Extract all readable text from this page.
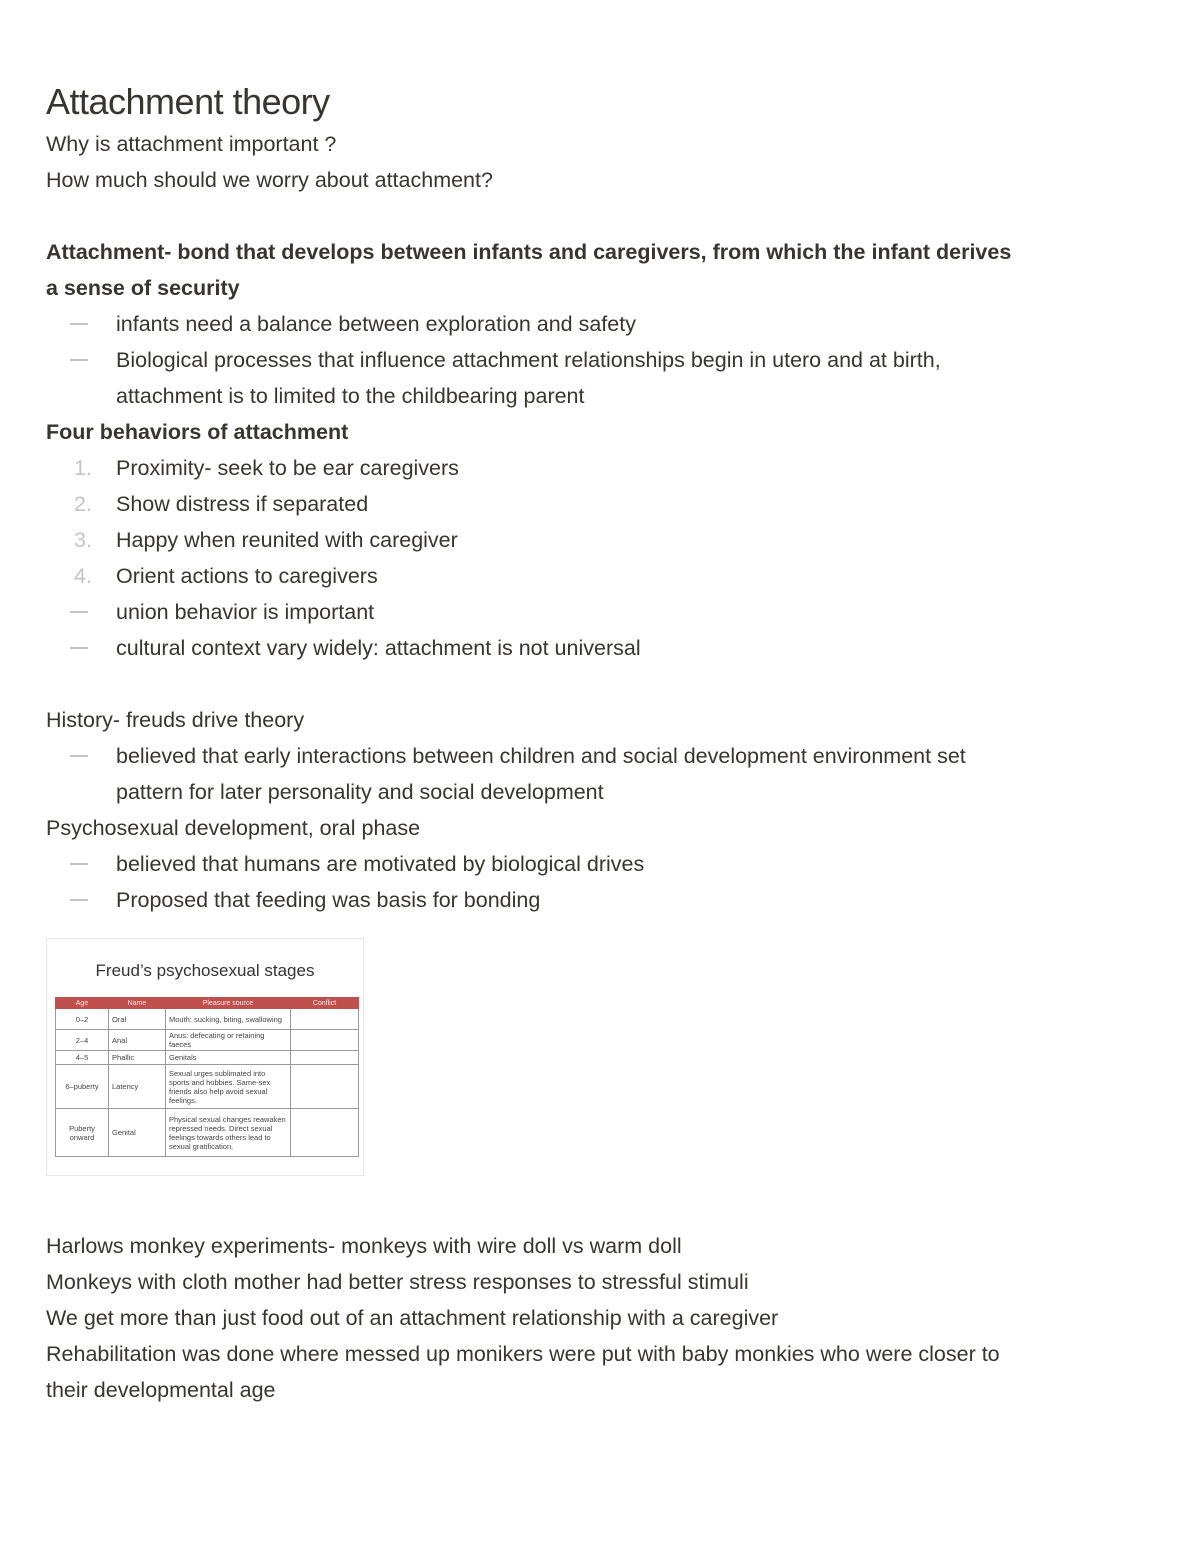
Attachment theory
Why is attachment important ?
How much should we worry about attachment?
Attachment- bond that develops between infants and caregivers, from which the infant derives
a sense of security
infants need a balance between exploration and safety
Biological processes that influence attachment relationships begin in utero and at birth,
attachment is to limited to the childbearing parent
Four behaviors of attachment
1. Proximity- seek to be ear caregivers
2. Show distress if separated
3. Happy when reunited with caregiver
4. Orient actions to caregivers
union behavior is important
cultural context vary widely: attachment is not universal
History- freuds drive theory
believed that early interactions between children and social development environment set
pattern for later personality and social development
Psychosexual development, oral phase
believed that humans are motivated by biological drives
Proposed that feeding was basis for bonding
Freud’s psychosexual stages
Age	Name	Pleasure source	Conflict
0–2	Oral	Mouth: sucking, biting, swallowing	
2–4	Anal	Anus: defecating or retaining faeces	
4–5	Phallic	Genitals	
6–puberty	Latency	Sexual urges sublimated into sports and hobbies. Same-sex friends also help avoid sexual feelings.	
Puberty onward	Genital	Physical sexual changes reawaken repressed needs. Direct sexual feelings towards others lead to sexual gratification.	
Harlows monkey experiments- monkeys with wire doll vs warm doll
Monkeys with cloth mother had better stress responses to stressful stimuli
We get more than just food out of an attachment relationship with a caregiver
Rehabilitation was done where messed up monikers were put with baby monkies who were closer to
their developmental age
